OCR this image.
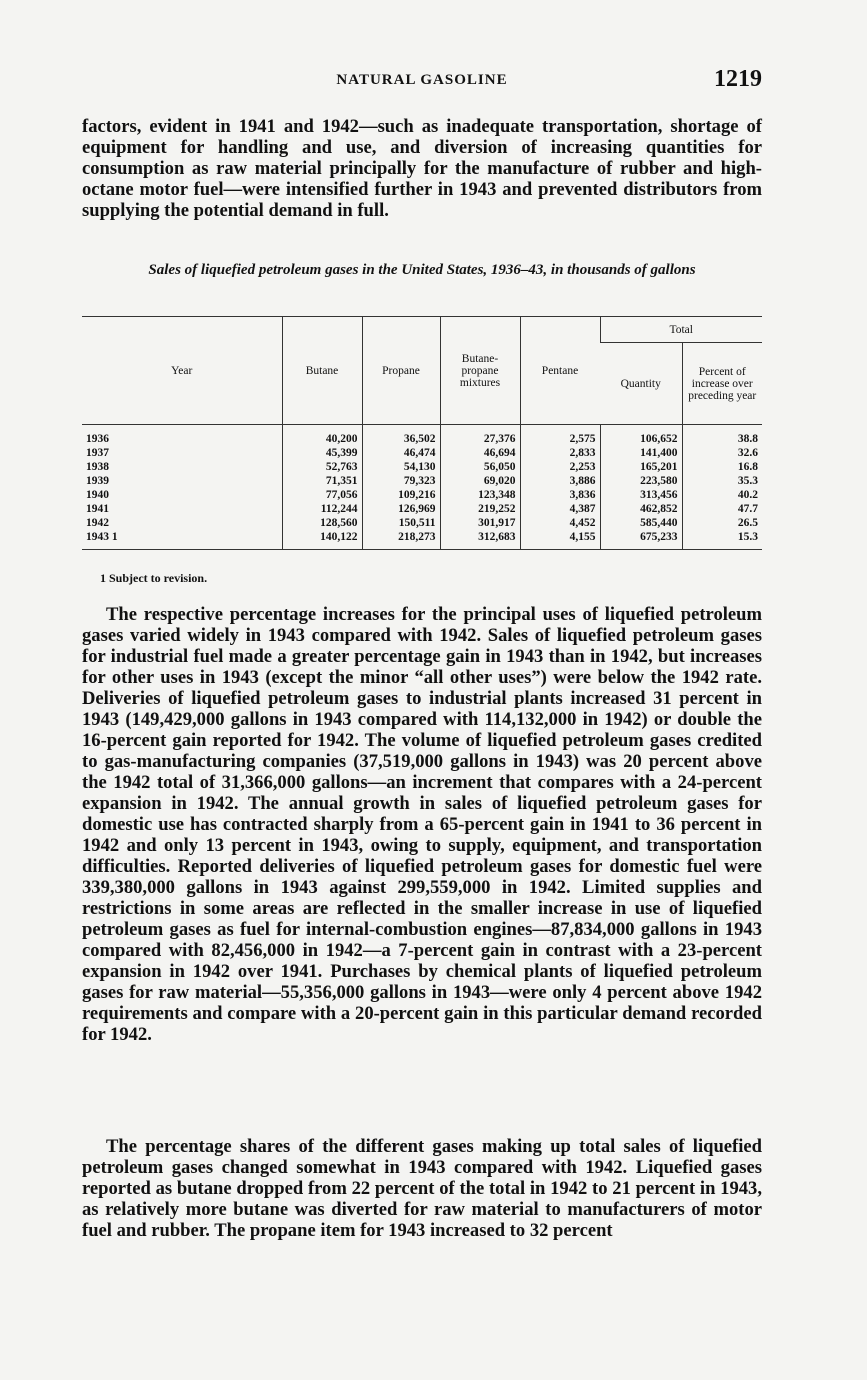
NATURAL GASOLINE	1219

factors, evident in 1941 and 1942—such as inadequate transportation, shortage of equipment for handling and use, and diversion of increasing quantities for consumption as raw material principally for the manufacture of rubber and high-octane motor fuel—were intensified further in 1943 and prevented distributors from supplying the potential demand in full.

Sales of liquefied petroleum gases in the United States, 1936–43, in thousands of gallons
Year	Butane	Propane	Butane-propane mixtures	Pentane	Total	
					Quantity	Percent of increase over preceding year
1936	40,200	36,502	27,376	2,575	106,652	38.8
1937	45,399	46,474	46,694	2,833	141,400	32.6
1938	52,763	54,130	56,050	2,253	165,201	16.8
1939	71,351	79,323	69,020	3,886	223,580	35.3
1940	77,056	109,216	123,348	3,836	313,456	40.2
1941	112,244	126,969	219,252	4,387	462,852	47.7
1942	128,560	150,511	301,917	4,452	585,440	26.5
1943 1	140,122	218,273	312,683	4,155	675,233	15.3
1 Subject to revision.

The respective percentage increases for the principal uses of liquefied petroleum gases varied widely in 1943 compared with 1942. Sales of liquefied petroleum gases for industrial fuel made a greater percentage gain in 1943 than in 1942, but increases for other uses in 1943 (except the minor “all other uses”) were below the 1942 rate. Deliveries of liquefied petroleum gases to industrial plants increased 31 percent in 1943 (149,429,000 gallons in 1943 compared with 114,132,000 in 1942) or double the 16-percent gain reported for 1942. The volume of liquefied petroleum gases credited to gas-manufacturing companies (37,519,000 gallons in 1943) was 20 percent above the 1942 total of 31,366,000 gallons—an increment that compares with a 24-percent expansion in 1942. The annual growth in sales of liquefied petroleum gases for domestic use has contracted sharply from a 65-percent gain in 1941 to 36 percent in 1942 and only 13 percent in 1943, owing to supply, equipment, and transportation difficulties. Reported deliveries of liquefied petroleum gases for domestic fuel were 339,380,000 gallons in 1943 against 299,559,000 in 1942. Limited supplies and restrictions in some areas are reflected in the smaller increase in use of liquefied petroleum gases as fuel for internal-combustion engines—87,834,000 gallons in 1943 compared with 82,456,000 in 1942—a 7-percent gain in contrast with a 23-percent expansion in 1942 over 1941. Purchases by chemical plants of liquefied petroleum gases for raw material—55,356,000 gallons in 1943—were only 4 percent above 1942 requirements and compare with a 20-percent gain in this particular demand recorded for 1942.

The percentage shares of the different gases making up total sales of liquefied petroleum gases changed somewhat in 1943 compared with 1942. Liquefied gases reported as butane dropped from 22 percent of the total in 1942 to 21 percent in 1943, as relatively more butane was diverted for raw material to manufacturers of motor fuel and rubber. The propane item for 1943 increased to 32 percent
